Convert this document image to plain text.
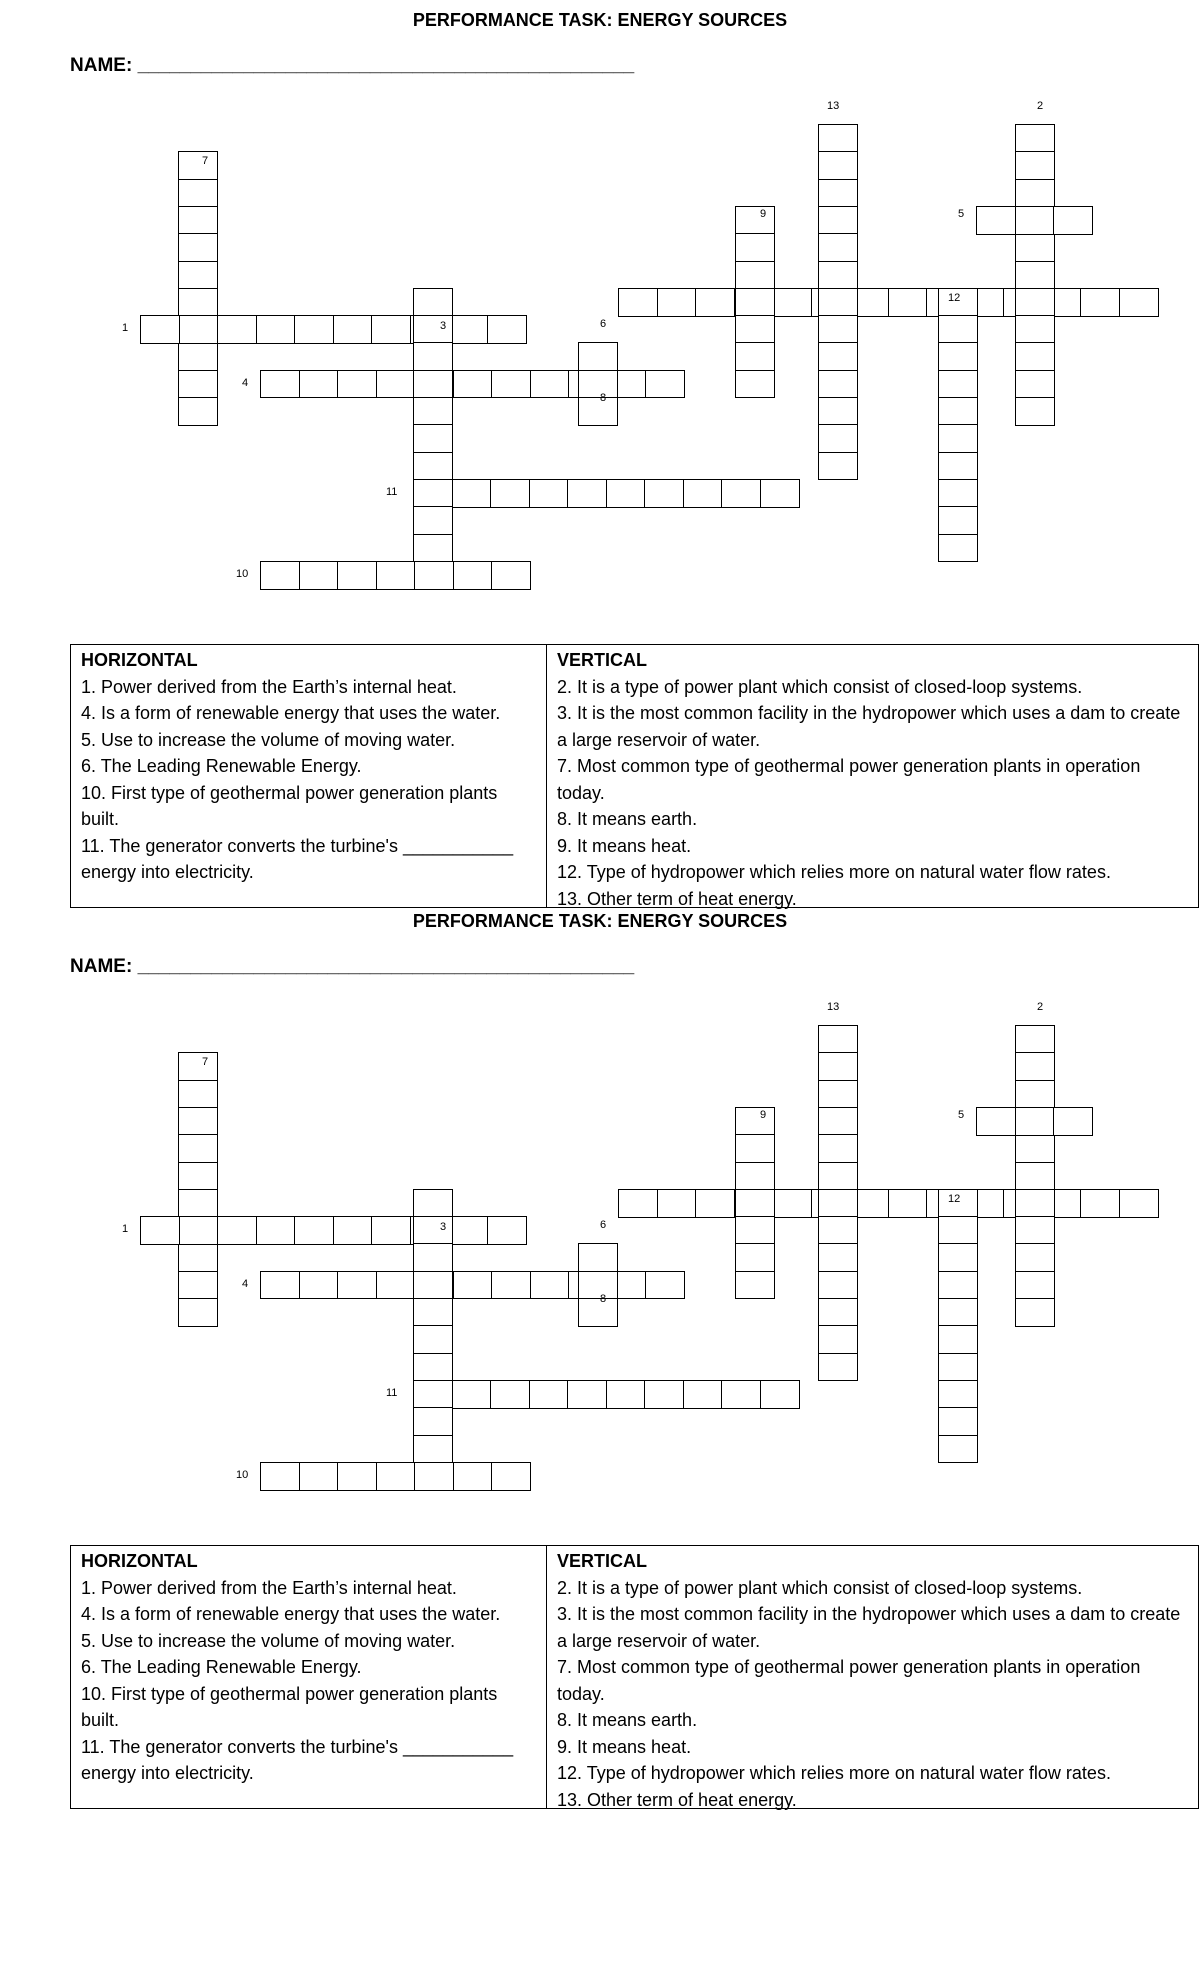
PERFORMANCE TASK: ENERGY SOURCES
NAME: _______________________________________________
1
2
3
4
5
6
7
8
9
10
11
12
13
HORIZONTAL
1. Power derived from the Earth’s internal heat.
4. Is a form of renewable energy that uses the water.
5. Use to increase the volume of moving water.
6. The Leading Renewable Energy.
10. First type of geothermal power generation plants built.
11. The generator converts the turbine's ___________ energy into electricity.
VERTICAL
2. It is a type of power plant which consist of closed-loop systems.
3. It is the most common facility in the hydropower which uses a dam to create a large reservoir of water.
7. Most common type of geothermal power generation plants in operation today.
8. It means earth.
9. It means heat.
12. Type of hydropower which relies more on natural water flow rates.
13. Other term of heat energy.
PERFORMANCE TASK: ENERGY SOURCES
NAME: _______________________________________________
1
2
3
4
5
6
7
8
9
10
11
12
13
HORIZONTAL
1. Power derived from the Earth’s internal heat.
4. Is a form of renewable energy that uses the water.
5. Use to increase the volume of moving water.
6. The Leading Renewable Energy.
10. First type of geothermal power generation plants built.
11. The generator converts the turbine's ___________ energy into electricity.
VERTICAL
2. It is a type of power plant which consist of closed-loop systems.
3. It is the most common facility in the hydropower which uses a dam to create a large reservoir of water.
7. Most common type of geothermal power generation plants in operation today.
8. It means earth.
9. It means heat.
12. Type of hydropower which relies more on natural water flow rates.
13. Other term of heat energy.
